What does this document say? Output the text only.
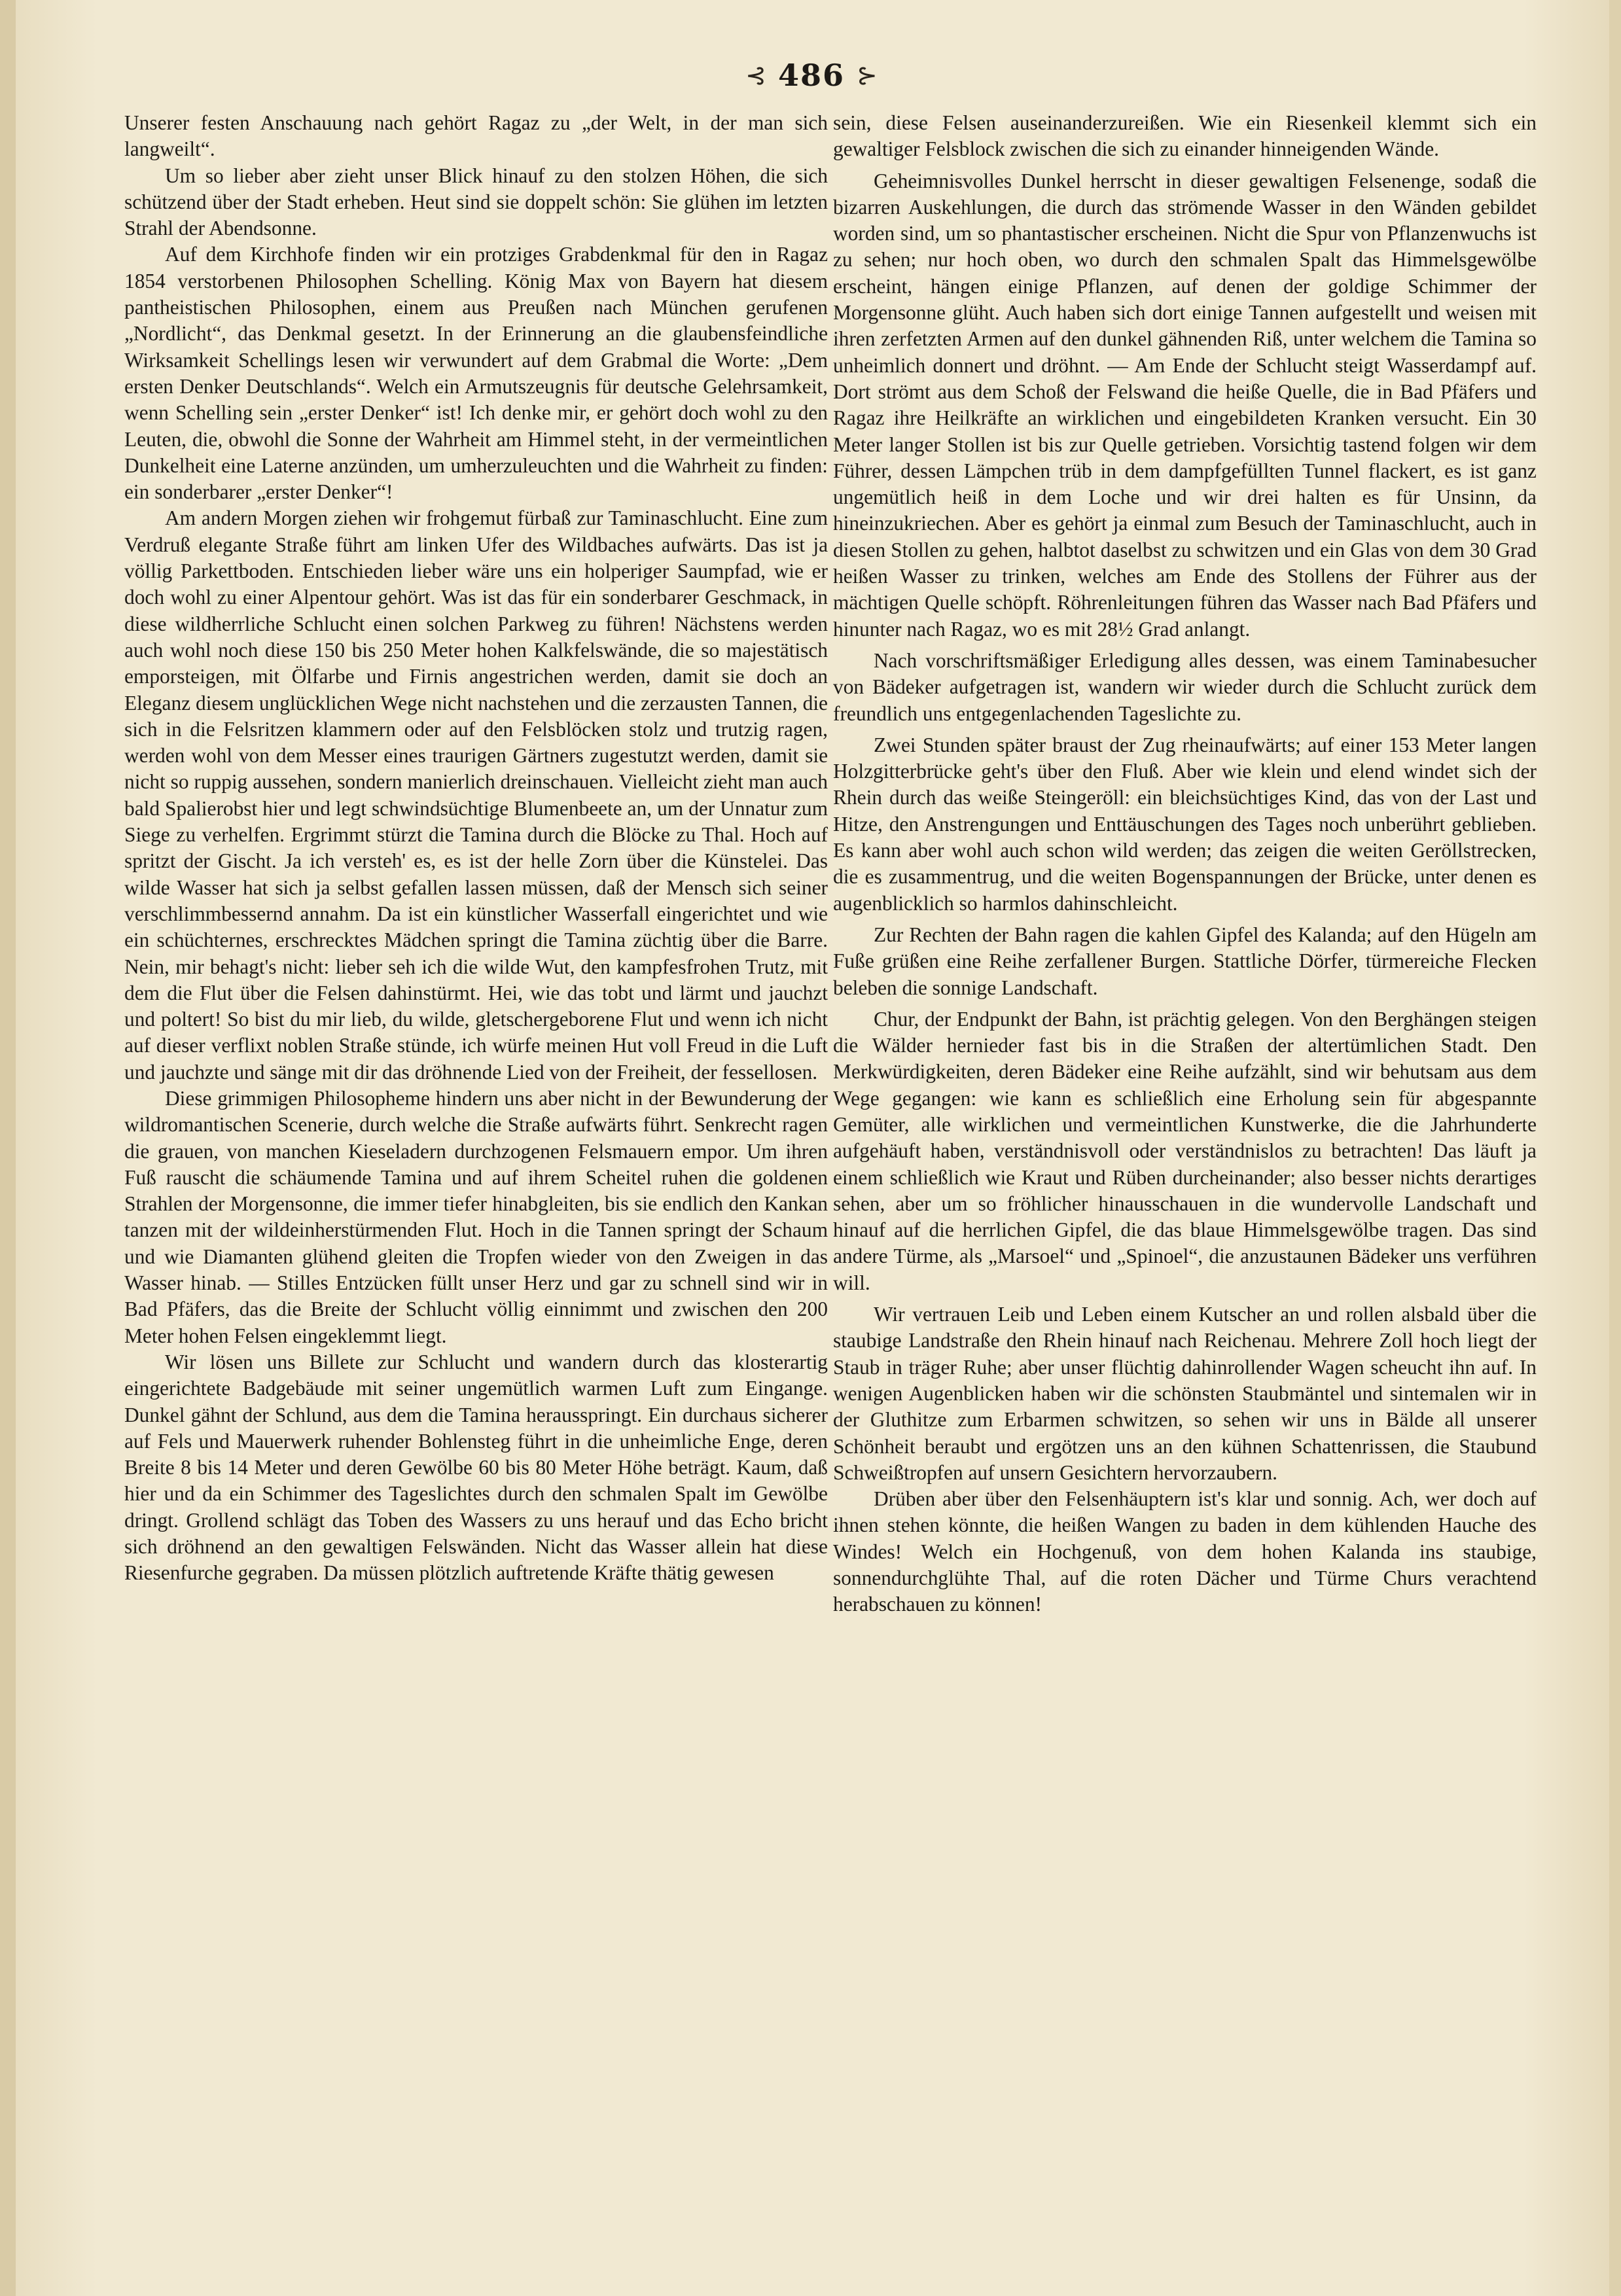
⊰ 486 ⊱

Unserer festen Anschauung nach gehört Ragaz zu „der Welt, in der man sich langweilt“.

Um so lieber aber zieht unser Blick hinauf zu den stolzen Höhen, die sich schützend über der Stadt erheben. Heut sind sie doppelt schön: Sie glühen im letzten Strahl der Abendsonne.

Auf dem Kirchhofe finden wir ein protziges Grabdenkmal für den in Ragaz 1854 verstorbenen Philosophen Schelling. König Max von Bayern hat diesem pantheistischen Philosophen, einem aus Preußen nach München gerufenen „Nordlicht“, das Denkmal gesetzt. In der Erinnerung an die glaubensfeindliche Wirksamkeit Schellings lesen wir verwundert auf dem Grabmal die Worte: „Dem ersten Denker Deutschlands“. Welch ein Armutszeugnis für deutsche Gelehrsamkeit, wenn Schelling sein „erster Denker“ ist! Ich denke mir, er gehört doch wohl zu den Leuten, die, obwohl die Sonne der Wahrheit am Himmel steht, in der vermeintlichen Dunkelheit eine Laterne anzünden, um umherzuleuchten und die Wahrheit zu finden: ein sonderbarer „erster Denker“!

Am andern Morgen ziehen wir frohgemut fürbaß zur Taminaschlucht. Eine zum Verdruß elegante Straße führt am linken Ufer des Wildbaches aufwärts. Das ist ja völlig Parkettboden. Entschieden lieber wäre uns ein holperiger Saumpfad, wie er doch wohl zu einer Alpentour gehört. Was ist das für ein sonderbarer Geschmack, in diese wildherrliche Schlucht einen solchen Parkweg zu führen! Nächstens werden auch wohl noch diese 150 bis 250 Meter hohen Kalkfelswände, die so majestätisch emporsteigen, mit Ölfarbe und Firnis angestrichen werden, damit sie doch an Eleganz diesem unglücklichen Wege nicht nachstehen und die zerzausten Tannen, die sich in die Felsritzen klammern oder auf den Felsblöcken stolz und trutzig ragen, werden wohl von dem Messer eines traurigen Gärtners zugestutzt werden, damit sie nicht so ruppig aussehen, sondern manierlich dreinschauen. Vielleicht zieht man auch bald Spalierobst hier und legt schwindsüchtige Blumenbeete an, um der Unnatur zum Siege zu verhelfen. Ergrimmt stürzt die Tamina durch die Blöcke zu Thal. Hoch auf spritzt der Gischt. Ja ich versteh' es, es ist der helle Zorn über die Künstelei. Das wilde Wasser hat sich ja selbst gefallen lassen müssen, daß der Mensch sich seiner verschlimmbessernd annahm. Da ist ein künstlicher Wasserfall eingerichtet und wie ein schüchternes, erschrecktes Mädchen springt die Tamina züchtig über die Barre. Nein, mir behagt's nicht: lieber seh ich die wilde Wut, den kampfesfrohen Trutz, mit dem die Flut über die Felsen dahinstürmt. Hei, wie das tobt und lärmt und jauchzt und poltert! So bist du mir lieb, du wilde, gletschergeborene Flut und wenn ich nicht auf dieser verflixt noblen Straße stünde, ich würfe meinen Hut voll Freud in die Luft und jauchzte und sänge mit dir das dröhnende Lied von der Freiheit, der fessellosen.

Diese grimmigen Philosopheme hindern uns aber nicht in der Bewunderung der wildromantischen Scenerie, durch welche die Straße aufwärts führt. Senkrecht ragen die grauen, von manchen Kieseladern durchzogenen Felsmauern empor. Um ihren Fuß rauscht die schäumende Tamina und auf ihrem Scheitel ruhen die goldenen Strahlen der Morgensonne, die immer tiefer hinabgleiten, bis sie endlich den Kankan tanzen mit der wildeinherstürmenden Flut. Hoch in die Tannen springt der Schaum und wie Diamanten glühend gleiten die Tropfen wieder von den Zweigen in das Wasser hinab. — Stilles Entzücken füllt unser Herz und gar zu schnell sind wir in Bad Pfäfers, das die Breite der Schlucht völlig einnimmt und zwischen den 200 Meter hohen Felsen eingeklemmt liegt.

Wir lösen uns Billete zur Schlucht und wandern durch das klosterartig eingerichtete Badgebäude mit seiner ungemütlich warmen Luft zum Eingange. Dunkel gähnt der Schlund, aus dem die Tamina herausspringt. Ein durchaus sicherer auf Fels und Mauerwerk ruhender Bohlensteg führt in die unheimliche Enge, deren Breite 8 bis 14 Meter und deren Gewölbe 60 bis 80 Meter Höhe beträgt. Kaum, daß hier und da ein Schimmer des Tageslichtes durch den schmalen Spalt im Gewölbe dringt. Grollend schlägt das Toben des Wassers zu uns herauf und das Echo bricht sich dröhnend an den gewaltigen Felswänden. Nicht das Wasser allein hat diese Riesenfurche gegraben. Da müssen plötzlich auftretende Kräfte thätig gewesen

sein, diese Felsen auseinanderzureißen. Wie ein Riesenkeil klemmt sich ein gewaltiger Felsblock zwischen die sich zu einander hinneigenden Wände.

Geheimnisvolles Dunkel herrscht in dieser gewaltigen Felsenenge, sodaß die bizarren Auskehlungen, die durch das strömende Wasser in den Wänden gebildet worden sind, um so phantastischer erscheinen. Nicht die Spur von Pflanzenwuchs ist zu sehen; nur hoch oben, wo durch den schmalen Spalt das Himmelsgewölbe erscheint, hängen einige Pflanzen, auf denen der goldige Schimmer der Morgensonne glüht. Auch haben sich dort einige Tannen aufgestellt und weisen mit ihren zerfetzten Armen auf den dunkel gähnenden Riß, unter welchem die Tamina so unheimlich donnert und dröhnt. — Am Ende der Schlucht steigt Wasserdampf auf. Dort strömt aus dem Schoß der Felswand die heiße Quelle, die in Bad Pfäfers und Ragaz ihre Heilkräfte an wirklichen und eingebildeten Kranken versucht. Ein 30 Meter langer Stollen ist bis zur Quelle getrieben. Vorsichtig tastend folgen wir dem Führer, dessen Lämpchen trüb in dem dampfgefüllten Tunnel flackert, es ist ganz ungemütlich heiß in dem Loche und wir drei halten es für Unsinn, da hineinzukriechen. Aber es gehört ja einmal zum Besuch der Taminaschlucht, auch in diesen Stollen zu gehen, halbtot daselbst zu schwitzen und ein Glas von dem 30 Grad heißen Wasser zu trinken, welches am Ende des Stollens der Führer aus der mächtigen Quelle schöpft. Röhrenleitungen führen das Wasser nach Bad Pfäfers und hinunter nach Ragaz, wo es mit 28½ Grad anlangt.

Nach vorschriftsmäßiger Erledigung alles dessen, was einem Taminabesucher von Bädeker aufgetragen ist, wandern wir wieder durch die Schlucht zurück dem freundlich uns entgegenlachenden Tageslichte zu.

Zwei Stunden später braust der Zug rheinaufwärts; auf einer 153 Meter langen Holzgitterbrücke geht's über den Fluß. Aber wie klein und elend windet sich der Rhein durch das weiße Steingeröll: ein bleichsüchtiges Kind, das von der Last und Hitze, den Anstrengungen und Enttäuschungen des Tages noch unberührt geblieben. Es kann aber wohl auch schon wild werden; das zeigen die weiten Geröllstrecken, die es zusammentrug, und die weiten Bogenspannungen der Brücke, unter denen es augenblicklich so harmlos dahinschleicht.

Zur Rechten der Bahn ragen die kahlen Gipfel des Kalanda; auf den Hügeln am Fuße grüßen eine Reihe zerfallener Burgen. Stattliche Dörfer, türmereiche Flecken beleben die sonnige Landschaft.

Chur, der Endpunkt der Bahn, ist prächtig gelegen. Von den Berghängen steigen die Wälder hernieder fast bis in die Straßen der altertümlichen Stadt. Den Merkwürdigkeiten, deren Bädeker eine Reihe aufzählt, sind wir behutsam aus dem Wege gegangen: wie kann es schließlich eine Erholung sein für abgespannte Gemüter, alle wirklichen und vermeintlichen Kunstwerke, die die Jahrhunderte aufgehäuft haben, verständnisvoll oder verständnislos zu betrachten! Das läuft ja einem schließlich wie Kraut und Rüben durcheinander; also besser nichts derartiges sehen, aber um so fröhlicher hinausschauen in die wundervolle Landschaft und hinauf auf die herrlichen Gipfel, die das blaue Himmelsgewölbe tragen. Das sind andere Türme, als „Marsoel“ und „Spinoel“, die anzustaunen Bädeker uns verführen will.

Wir vertrauen Leib und Leben einem Kutscher an und rollen alsbald über die staubige Landstraße den Rhein hinauf nach Reichenau. Mehrere Zoll hoch liegt der Staub in träger Ruhe; aber unser flüchtig dahinrollender Wagen scheucht ihn auf. In wenigen Augenblicken haben wir die schönsten Staubmäntel und sintemalen wir in der Gluthitze zum Erbarmen schwitzen, so sehen wir uns in Bälde all unserer Schönheit beraubt und ergötzen uns an den kühnen Schattenrissen, die Staubund Schweißtropfen auf unsern Gesichtern hervorzaubern.

Drüben aber über den Felsenhäuptern ist's klar und sonnig. Ach, wer doch auf ihnen stehen könnte, die heißen Wangen zu baden in dem kühlenden Hauche des Windes! Welch ein Hochgenuß, von dem hohen Kalanda ins staubige, sonnendurchglühte Thal, auf die roten Dächer und Türme Churs verachtend herabschauen zu können!
